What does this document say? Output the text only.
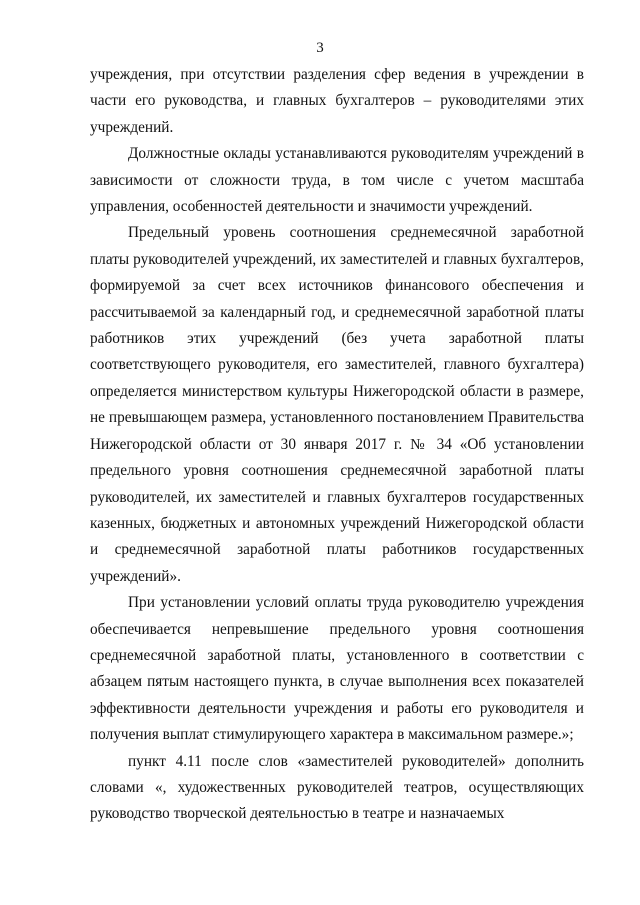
3

учреждения, при отсутствии разделения сфер ведения в учреждении в части его руководства, и главных бухгалтеров – руководителями этих учреждений.

Должностные оклады устанавливаются руководителям учреждений в зависимости от сложности труда, в том числе с учетом масштаба управления, особенностей деятельности и значимости учреждений.

Предельный уровень соотношения среднемесячной заработной платы руководителей учреждений, их заместителей и главных бухгалтеров, формируемой за счет всех источников финансового обеспечения и рассчитываемой за календарный год, и среднемесячной заработной платы работников этих учреждений (без учета заработной платы соответствующего руководителя, его заместителей, главного бухгалтера) определяется министерством культуры Нижегородской области в размере, не превышающем размера, установленного постановлением Правительства Нижегородской области от 30 января 2017 г. № 34 «Об установлении предельного уровня соотношения среднемесячной заработной платы руководителей, их заместителей и главных бухгалтеров государственных казенных, бюджетных и автономных учреждений Нижегородской области и среднемесячной заработной платы работников государственных учреждений».

При установлении условий оплаты труда руководителю учреждения обеспечивается непревышение предельного уровня соотношения среднемесячной заработной платы, установленного в соответствии с абзацем пятым настоящего пункта, в случае выполнения всех показателей эффективности деятельности учреждения и работы его руководителя и получения выплат стимулирующего характера в максимальном размере.»;

пункт 4.11 после слов «заместителей руководителей» дополнить словами «, художественных руководителей театров, осуществляющих руководство творческой деятельностью в театре и назначаемых
